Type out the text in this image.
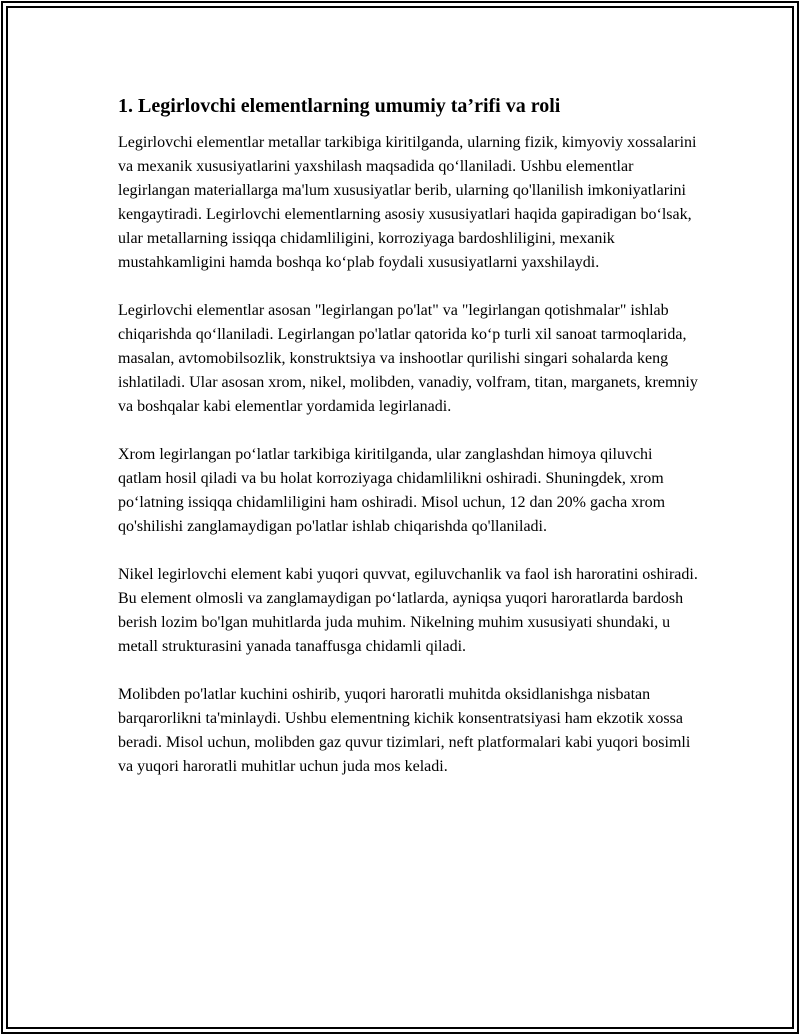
1. Legirlovchi elementlarning umumiy ta’rifi va roli

Legirlovchi elementlar metallar tarkibiga kiritilganda, ularning fizik, kimyoviy xossalarini va mexanik xususiyatlarini yaxshilash maqsadida qo‘llaniladi. Ushbu elementlar legirlangan materiallarga ma'lum xususiyatlar berib, ularning qo'llanilish imkoniyatlarini kengaytiradi. Legirlovchi elementlarning asosiy xususiyatlari haqida gapiradigan bo‘lsak, ular metallarning issiqqa chidamliligini, korroziyaga bardoshliligini, mexanik mustahkamligini hamda boshqa ko‘plab foydali xususiyatlarni yaxshilaydi.

Legirlovchi elementlar asosan "legirlangan po'lat" va "legirlangan qotishmalar" ishlab chiqarishda qo‘llaniladi. Legirlangan po'latlar qatorida ko‘p turli xil sanoat tarmoqlarida, masalan, avtomobilsozlik, konstruktsiya va inshootlar qurilishi singari sohalarda keng ishlatiladi. Ular asosan xrom, nikel, molibden, vanadiy, volfram, titan, marganets, kremniy va boshqalar kabi elementlar yordamida legirlanadi.

Xrom legirlangan po‘latlar tarkibiga kiritilganda, ular zanglashdan himoya qiluvchi qatlam hosil qiladi va bu holat korroziyaga chidamlilikni oshiradi. Shuningdek, xrom po‘latning issiqqa chidamliligini ham oshiradi. Misol uchun, 12 dan 20% gacha xrom qo'shilishi zanglamaydigan po'latlar ishlab chiqarishda qo'llaniladi.

Nikel legirlovchi element kabi yuqori quvvat, egiluvchanlik va faol ish haroratini oshiradi. Bu element olmosli va zanglamaydigan po‘latlarda, ayniqsa yuqori haroratlarda bardosh berish lozim bo'lgan muhitlarda juda muhim. Nikelning muhim xususiyati shundaki, u metall strukturasini yanada tanaffusga chidamli qiladi.

Molibden po'latlar kuchini oshirib, yuqori haroratli muhitda oksidlanishga nisbatan barqarorlikni ta'minlaydi. Ushbu elementning kichik konsentratsiyasi ham ekzotik xossa beradi. Misol uchun, molibden gaz quvur tizimlari, neft platformalari kabi yuqori bosimli va yuqori haroratli muhitlar uchun juda mos keladi.
